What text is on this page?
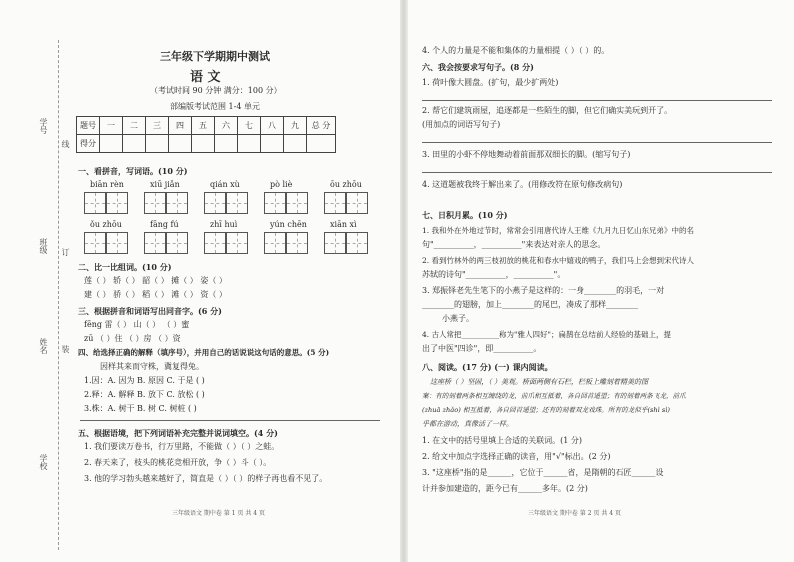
学号
线
班级 订
姓名 装
学校
三年级下学期期中测试
语 文
（考试时间 90 分钟 满分：100 分）
部编版考试范围 1-4 单元
题号	一	二	三	四	五	六	七	八	九	总 分
得分										
一、看拼音，写词语。(10 分)
biān rèn	xiū jiǎn	qián xù	pò liè	ōu zhōu
ǒu zhōu	fāng fú	zhī huì	yún chēn	xiān xì
二、比一比组词。(10 分)
莲（ ） 轿（ ） 韶（ ） 摊（ ） 姿（ ）
建（ ） 骄（ ） 稻（ ） 滩（ ） 资（ ）
三、根据拼音和词语写出同音字。(6 分)
fēng 雷（ ） 山（ ） （ ）蜜
zū （ ）住 （ ）房 （ ）资
四、给选择正确的解释（填序号），并用自己的话说说这句话的意思。(5 分)
因样其来而守株，冀复得兔。
1.因：A. 因为 B. 原因 C. 于是 ( )
2.释：A. 解释 B. 放下 C. 放松 ( )
3.株：A. 树干 B. 树 C. 树桩 ( )
五、根据语境，把下列词语补充完整并说词填空。(4 分)
1. 我们要读万卷书，行万里路，不能做（ ）（ ）之蛙。
2. 春天来了，枝头的桃花竞相开放，争（ ）斗（ ）。
3. 他的学习勃头越来越好了，简直是（ ）（ ）的样子再也看不见了。
三年级语文 期中卷 第 1 页 共 4 页
4. 个人的力量是不能和集体的力量相提（ ）（ ）的。
六、我会按要求写句子。(8 分)
1. 荷叶像大圆盘。(扩句，最少扩两处)
2. 帮它们建筑雨屋，追逐都是一些陌生的脚，但它们确实美玩到开了。
(用加点的词语写句子)
3. 田里的小虾不停地舞动着前面那双细长的脚。(缩写句子)
4. 这道题被我终于解出来了。(用修改符在原句修改病句)
七、日积月累。(10 分)
1. 我和外在外地过节时，常常会引用唐代诗人王维《九月九日忆山东兄弟》中的名
句"__________，__________"来表达对亲人的思念。
2. 看到竹林外的两三枝初放的桃花和春水中嬉戏的鸭子，我们马上会想到宋代诗人
苏轼的诗句"__________，__________"。
3. 郑振铎老先生笔下的小燕子是这样的：一身________的羽毛，一对
________的翅膀，加上________的尾巴，凑成了那样________
小燕子。
4. 古人常把__________称为"雅人四好"；扁鹊在总结前人经验的基础上，提
出了中医"四诊"，即__________。
八、阅读。(17 分) (一) 课内阅读。
这座桥（ ）坚固，（ ）美观。桥面两侧有石栏，栏板上雕刻着精美的图
案：有的刻着两条相互缠绕的龙，前爪相互抵着，各自回首遥望；有的刻着两条飞龙，前爪
(zhuā zhǎo) 相互抵着，各自回首遥望；还有的刻着双龙戏珠。所有的龙似乎(shì sì)
乎都在游动，真像活了一样。
1. 在文中的括号里填上合适的关联词。(1 分)
2. 给文中加点字选择正确的读音，用"√"标出。(2 分)
3. "这座桥"指的是______，它位于______省，是隋朝的石匠______设
计并参加建造的，距今已有______多年。(2 分)
三年级语文 期中卷 第 2 页 共 4 页
